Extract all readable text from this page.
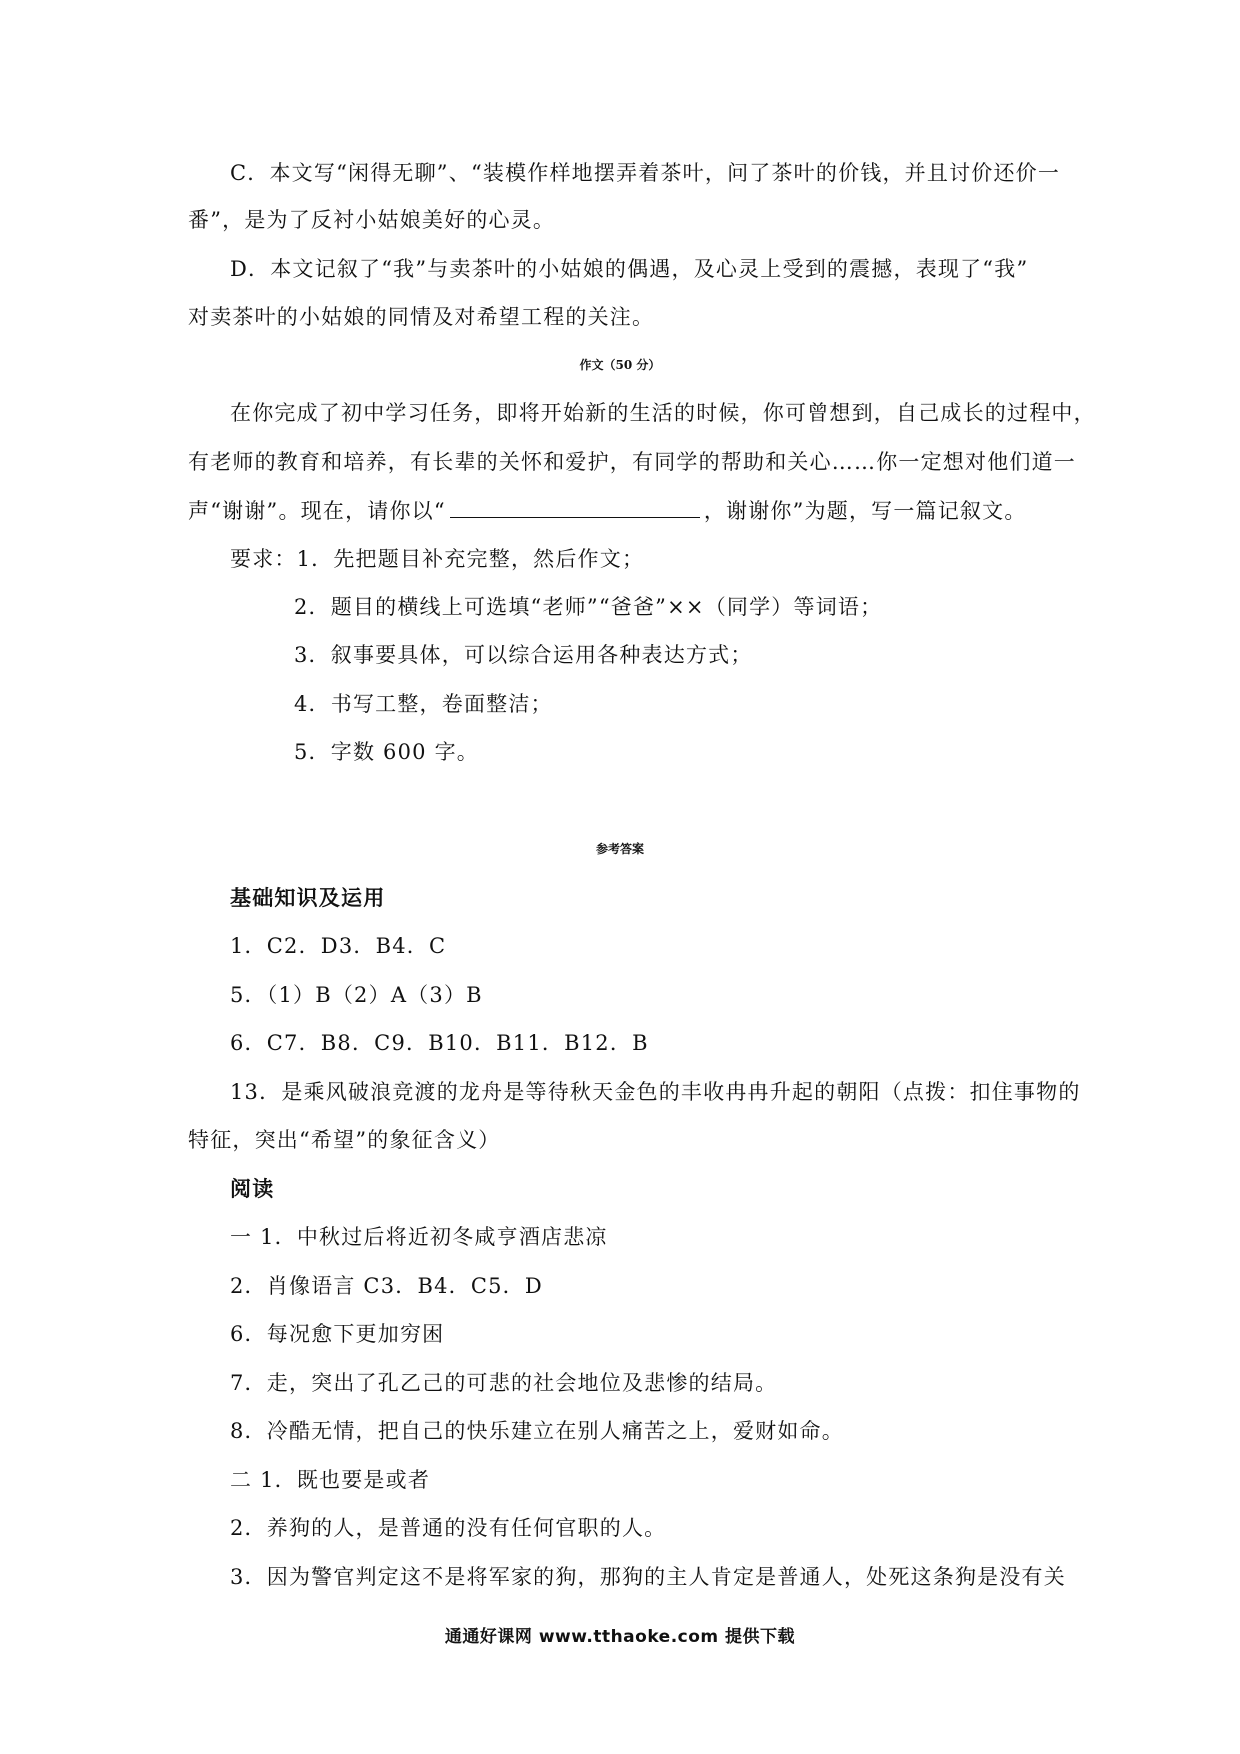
C．本文写“闲得无聊”、“装模作样地摆弄着茶叶，问了茶叶的价钱，并且讨价还价一
番”，是为了反衬小姑娘美好的心灵。
D．本文记叙了“我”与卖茶叶的小姑娘的偶遇，及心灵上受到的震撼，表现了“我”
对卖茶叶的小姑娘的同情及对希望工程的关注。
作文（50 分）
在你完成了初中学习任务，即将开始新的生活的时候，你可曾想到，自己成长的过程中，
有老师的教育和培养，有长辈的关怀和爱护，有同学的帮助和关心……你一定想对他们道一
声“谢谢”。现在，请你以“	，谢谢你”为题，写一篇记叙文。
要求：1．先把题目补充完整，然后作文；
2．题目的横线上可选填“老师”“爸爸”××（同学）等词语；
3．叙事要具体，可以综合运用各种表达方式；
4．书写工整，卷面整洁；
5．字数 600 字。
参考答案
基础知识及运用
1．C2．D3．B4．C
5．（1）B（2）A（3）B
6．C7．B8．C9．B10．B11．B12．B
13．是乘风破浪竞渡的龙舟是等待秋天金色的丰收冉冉升起的朝阳（点拨：扣住事物的
特征，突出“希望”的象征含义）
阅读
一 1．中秋过后将近初冬咸亨酒店悲凉
2．肖像语言 C3．B4．C5．D
6．每况愈下更加穷困
7．走，突出了孔乙己的可悲的社会地位及悲惨的结局。
8．冷酷无情，把自己的快乐建立在别人痛苦之上，爱财如命。
二 1．既也要是或者
2．养狗的人，是普通的没有任何官职的人。
3．因为警官判定这不是将军家的狗，那狗的主人肯定是普通人，处死这条狗是没有关
通通好课网 www.tthaoke.com 提供下载
